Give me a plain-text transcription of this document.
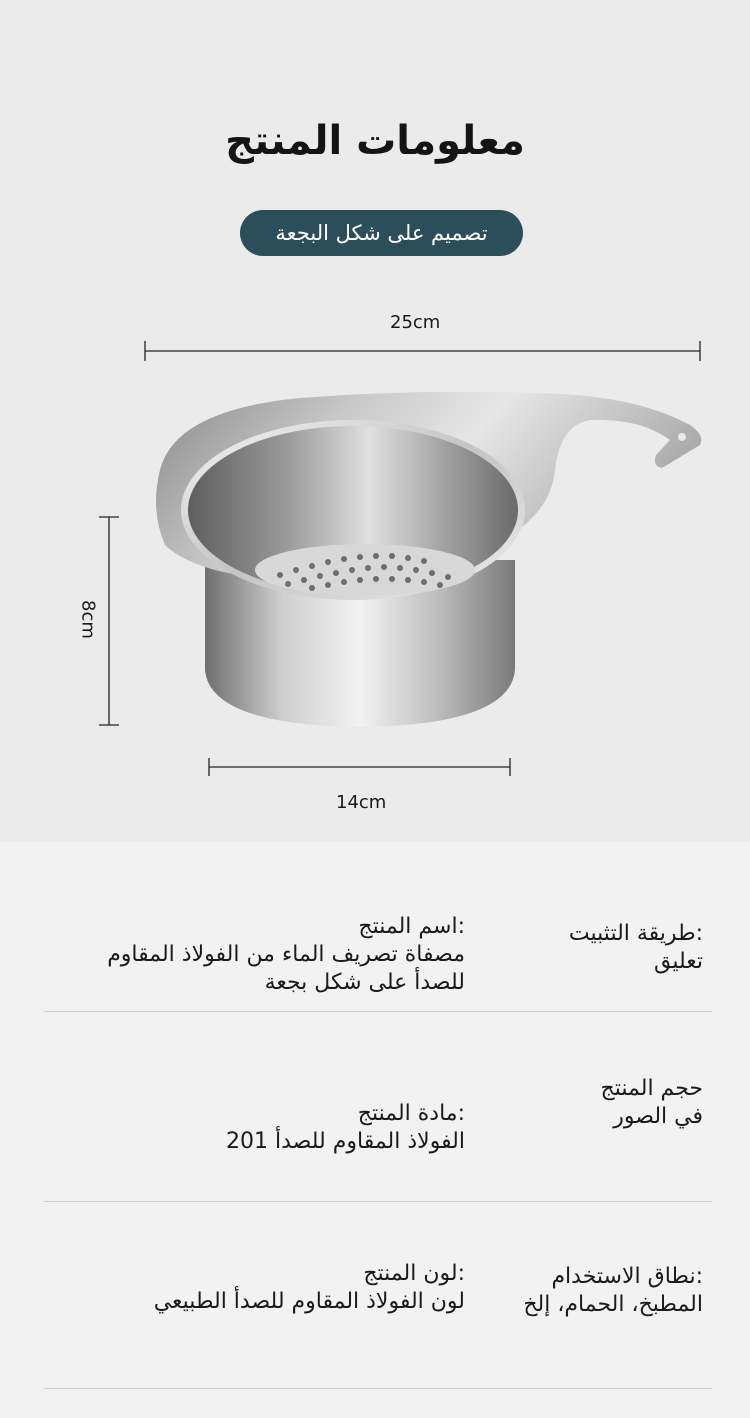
معلومات المنتج
تصميم على شكل البجعة
25cm
8cm
14cm
:اسم المنتج
مصفاة تصريف الماء من الفولاذ المقاوم
للصدأ على شكل بجعة
:طريقة التثبيت
تعليق
:مادة المنتج
الفولاذ المقاوم للصدأ 201
حجم المنتج
في الصور
:لون المنتج
لون الفولاذ المقاوم للصدأ الطبيعي
:نطاق الاستخدام
المطبخ، الحمام، إلخ
